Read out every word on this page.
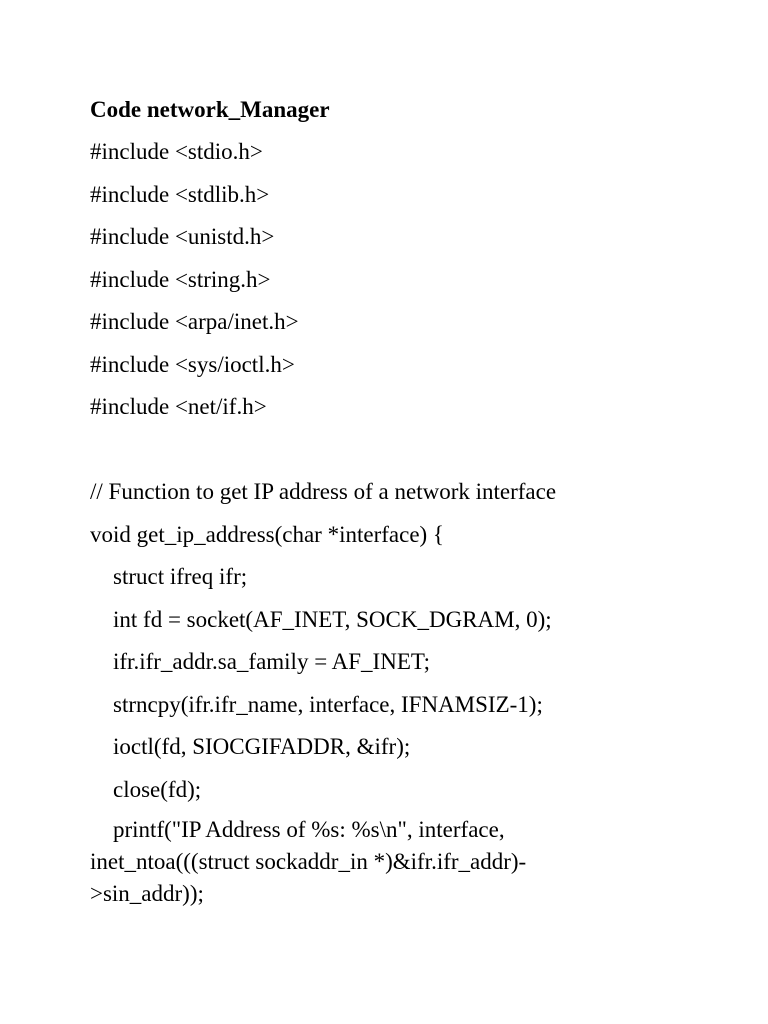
Code network_Manager
#include <stdio.h>
#include <stdlib.h>
#include <unistd.h>
#include <string.h>
#include <arpa/inet.h>
#include <sys/ioctl.h>
#include <net/if.h>
// Function to get IP address of a network interface
void get_ip_address(char *interface) {
struct ifreq ifr;
int fd = socket(AF_INET, SOCK_DGRAM, 0);
ifr.ifr_addr.sa_family = AF_INET;
strncpy(ifr.ifr_name, interface, IFNAMSIZ-1);
ioctl(fd, SIOCGIFADDR, &ifr);
close(fd);
printf("IP Address of %s: %s\n", interface, inet_ntoa(((struct sockaddr_in *)&ifr.ifr_addr)->sin_addr));
